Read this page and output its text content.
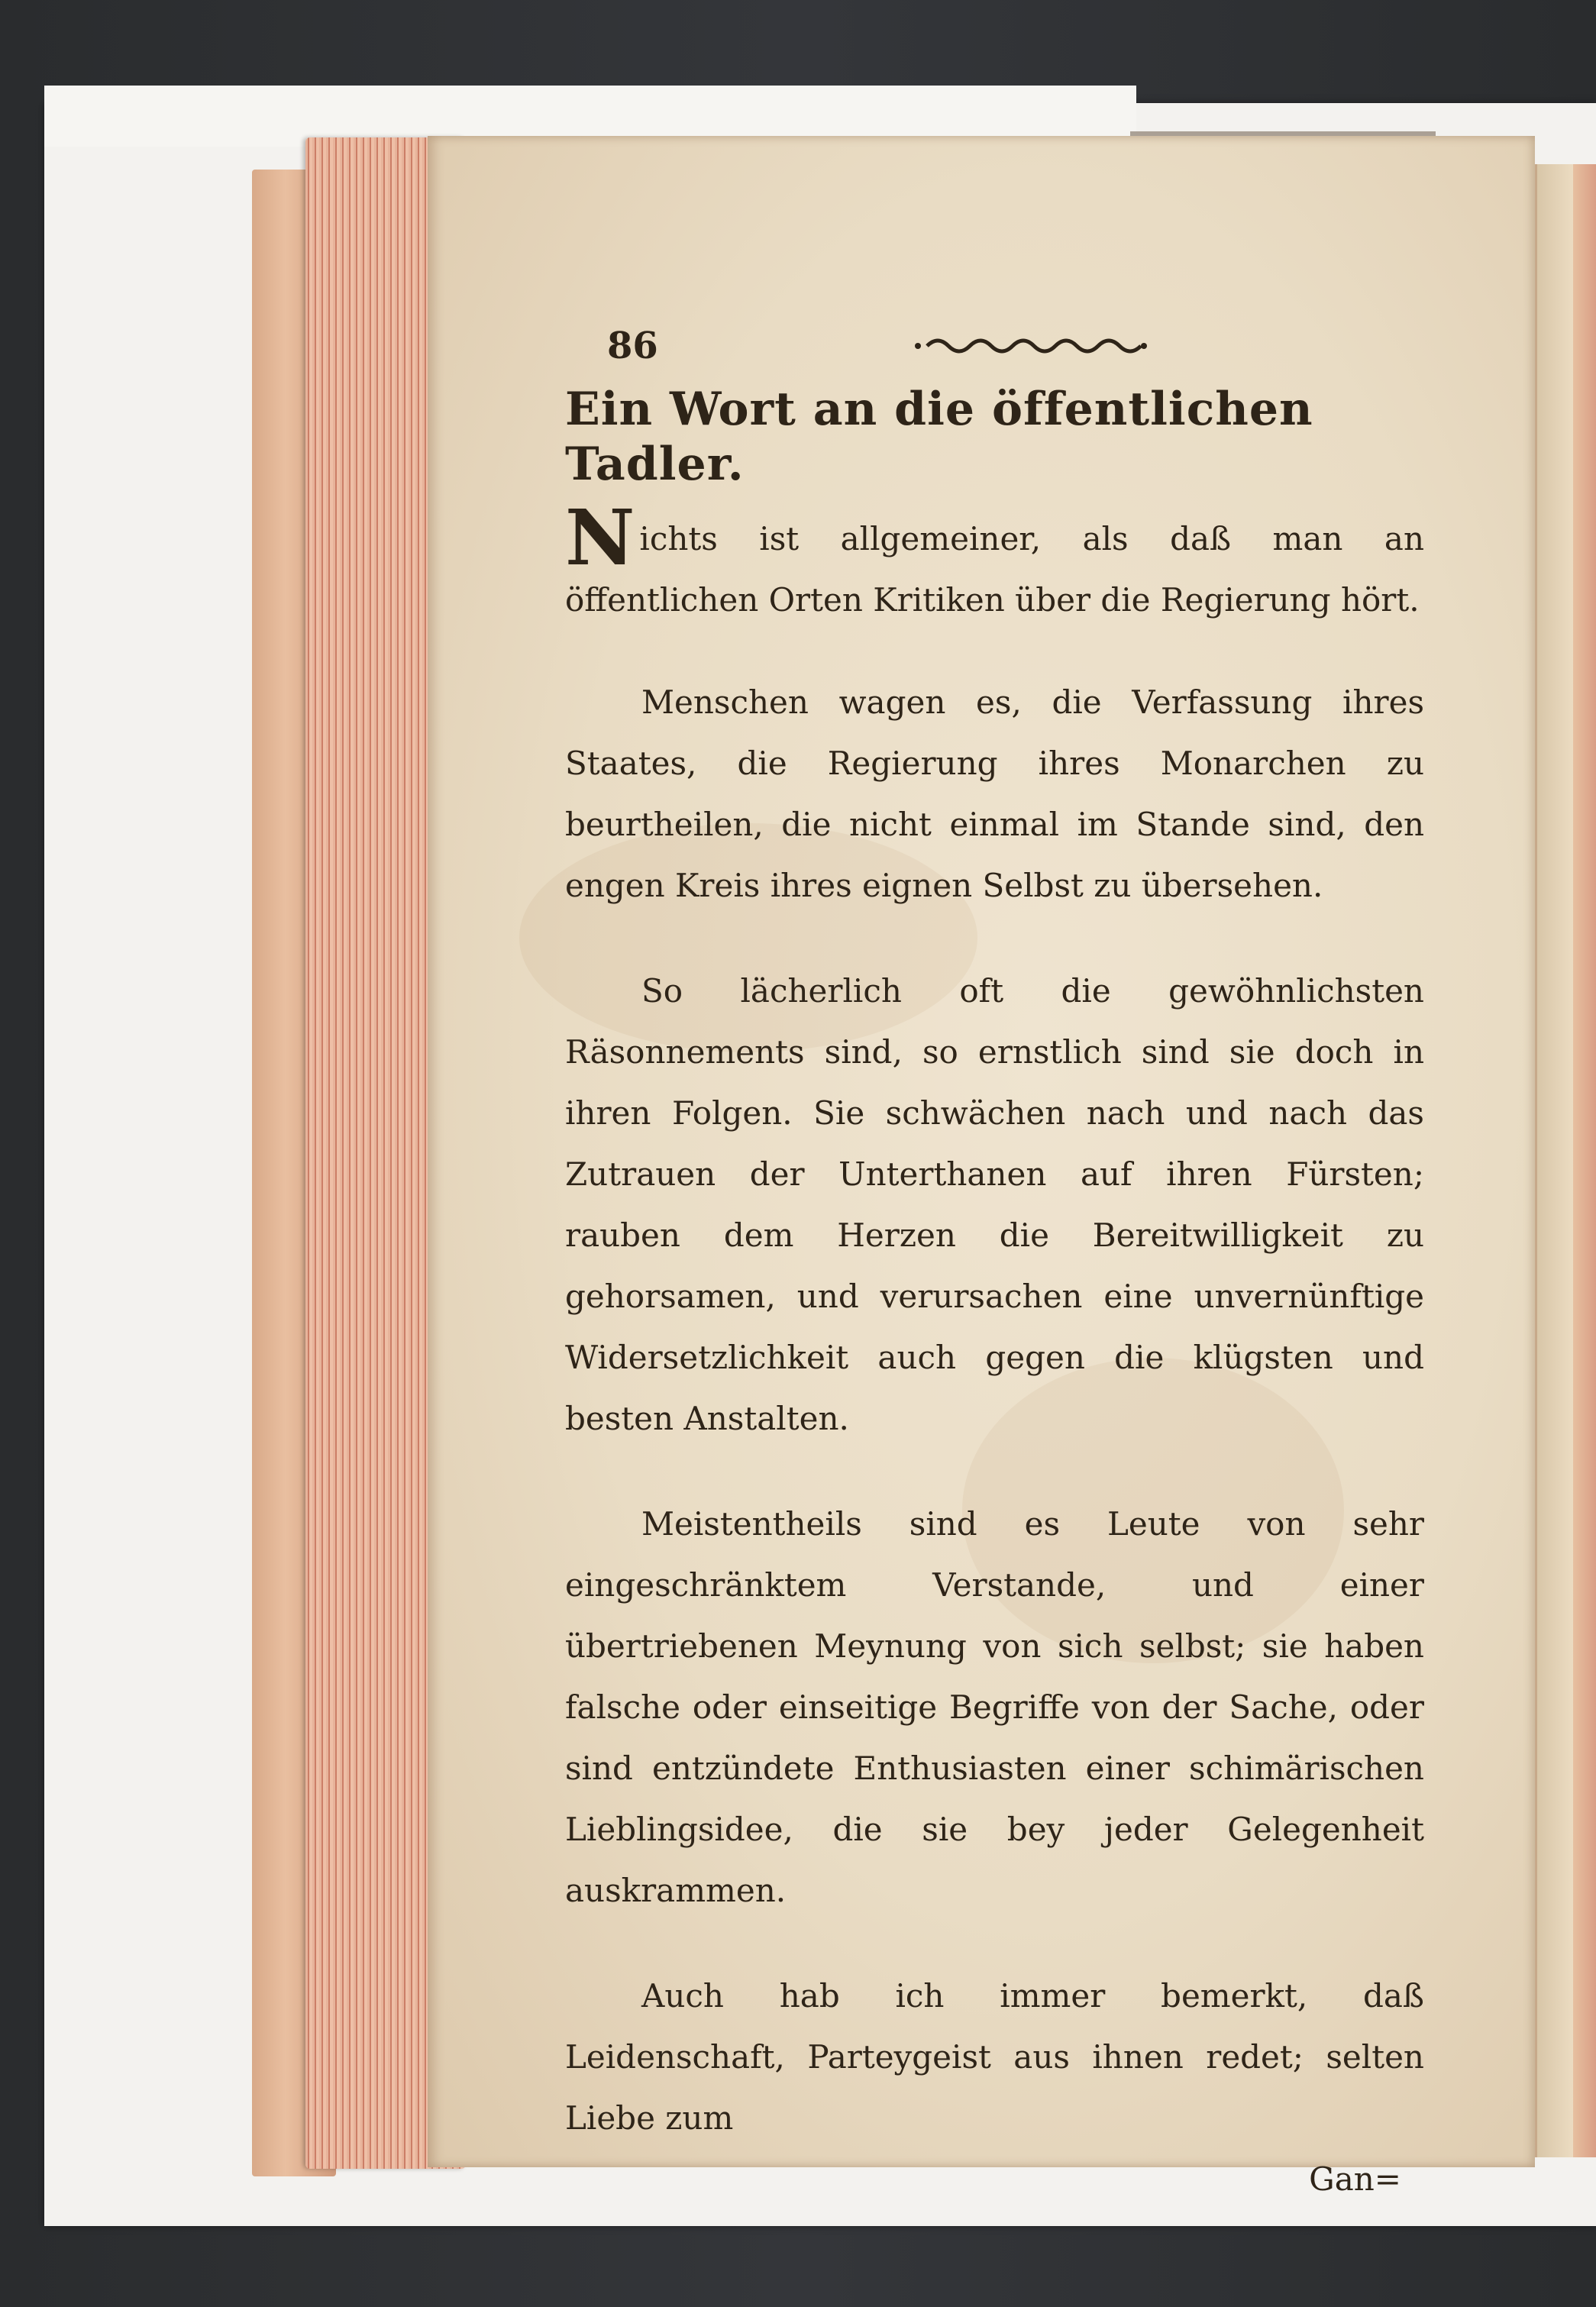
86
Ein Wort an die öffentlichen Tadler.

Nichts ist allgemeiner, als daß man an öffentlichen Orten Kritiken über die Regierung hört.

Menschen wagen es, die Verfassung ihres Staates, die Regierung ihres Monarchen zu beurtheilen, die nicht einmal im Stande sind, den engen Kreis ihres eignen Selbst zu übersehen.

So lächerlich oft die gewöhnlichsten Räsonnements sind, so ernstlich sind sie doch in ihren Folgen. Sie schwächen nach und nach das Zutrauen der Unterthanen auf ihren Fürsten; rauben dem Herzen die Bereitwilligkeit zu gehorsamen, und verursachen eine unvernünftige Widersetzlichkeit auch gegen die klügsten und besten Anstalten.

Meistentheils sind es Leute von sehr eingeschränktem Verstande, und einer übertriebenen Meynung von sich selbst; sie haben falsche oder einseitige Begriffe von der Sache, oder sind entzündete Enthusiasten einer schimärischen Lieblingsidee, die sie bey jeder Gelegenheit auskrammen.

Auch hab ich immer bemerkt, daß Leidenschaft, Parteygeist aus ihnen redet; selten Liebe zum

Gan=
